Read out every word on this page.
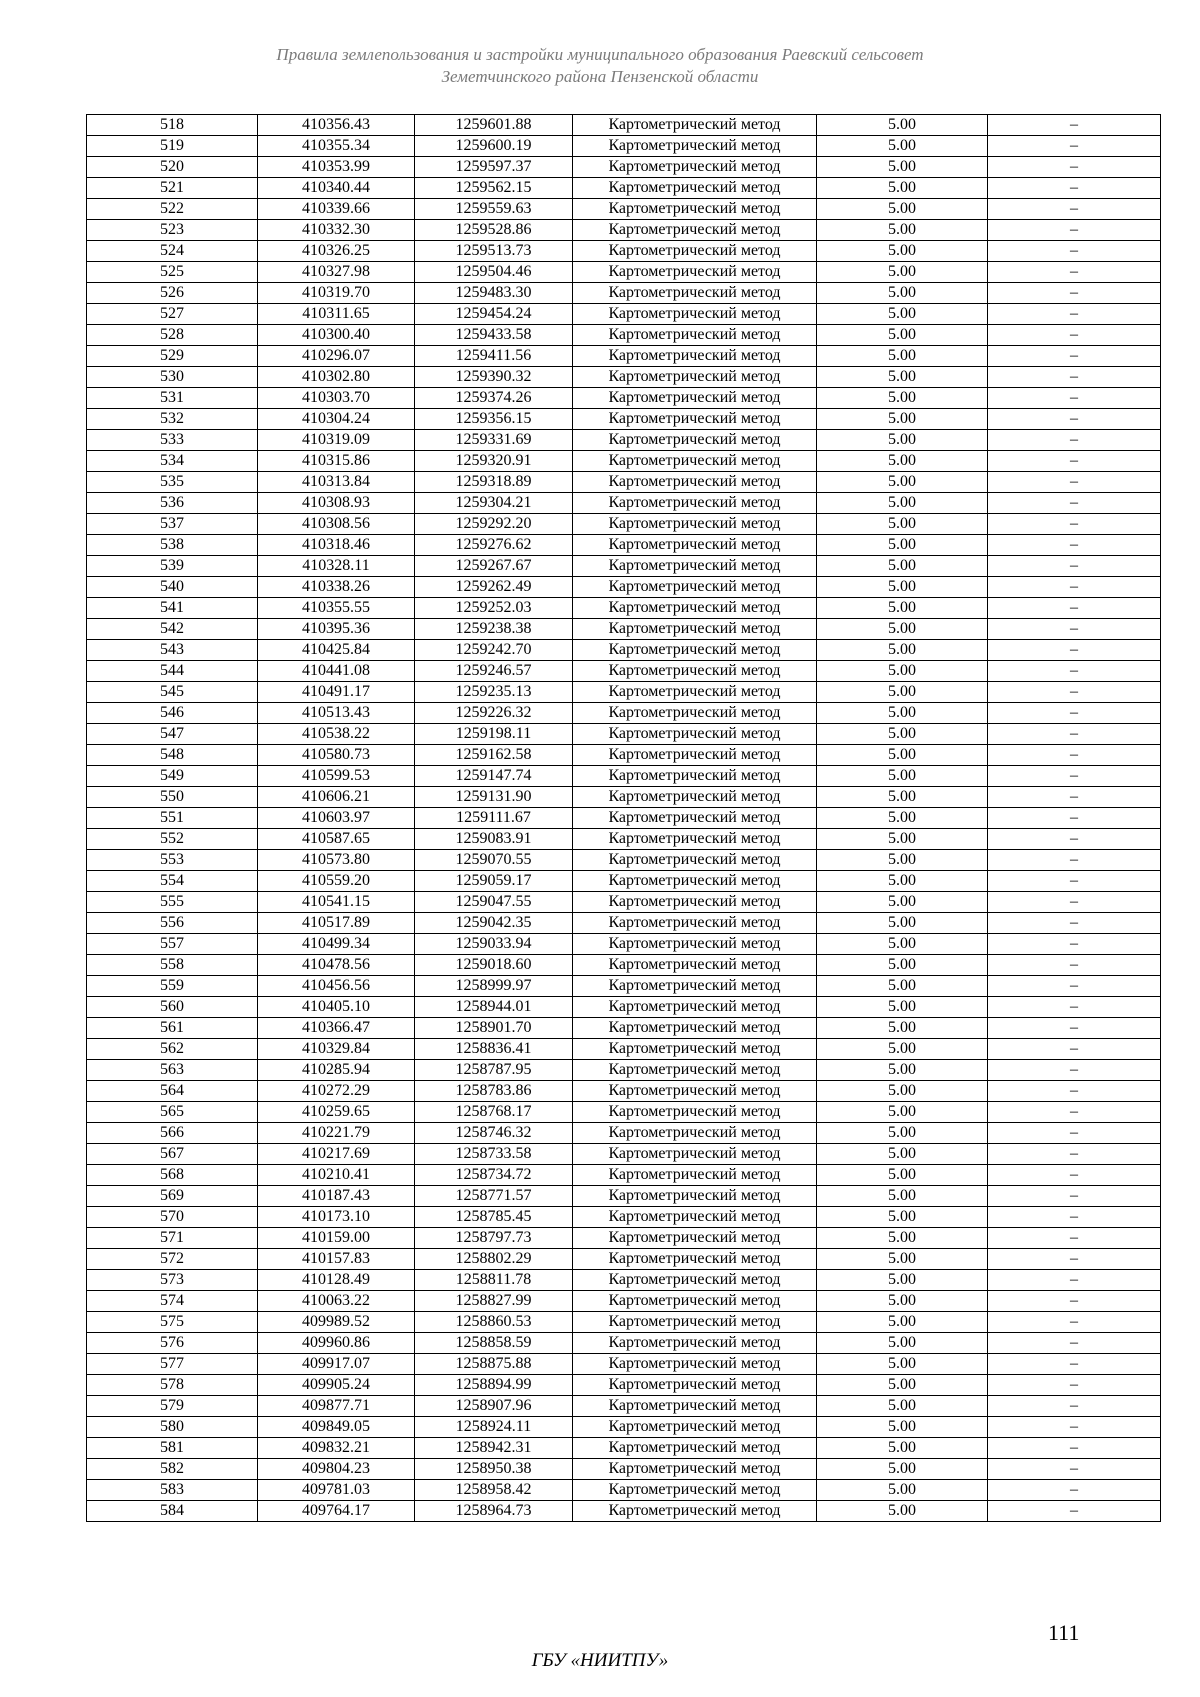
Правила землепользования и застройки муниципального образования Раевский сельсовет
Земетчинского района Пензенской области
518	410356.43	1259601.88	Картометрический метод	5.00	–
519	410355.34	1259600.19	Картометрический метод	5.00	–
520	410353.99	1259597.37	Картометрический метод	5.00	–
521	410340.44	1259562.15	Картометрический метод	5.00	–
522	410339.66	1259559.63	Картометрический метод	5.00	–
523	410332.30	1259528.86	Картометрический метод	5.00	–
524	410326.25	1259513.73	Картометрический метод	5.00	–
525	410327.98	1259504.46	Картометрический метод	5.00	–
526	410319.70	1259483.30	Картометрический метод	5.00	–
527	410311.65	1259454.24	Картометрический метод	5.00	–
528	410300.40	1259433.58	Картометрический метод	5.00	–
529	410296.07	1259411.56	Картометрический метод	5.00	–
530	410302.80	1259390.32	Картометрический метод	5.00	–
531	410303.70	1259374.26	Картометрический метод	5.00	–
532	410304.24	1259356.15	Картометрический метод	5.00	–
533	410319.09	1259331.69	Картометрический метод	5.00	–
534	410315.86	1259320.91	Картометрический метод	5.00	–
535	410313.84	1259318.89	Картометрический метод	5.00	–
536	410308.93	1259304.21	Картометрический метод	5.00	–
537	410308.56	1259292.20	Картометрический метод	5.00	–
538	410318.46	1259276.62	Картометрический метод	5.00	–
539	410328.11	1259267.67	Картометрический метод	5.00	–
540	410338.26	1259262.49	Картометрический метод	5.00	–
541	410355.55	1259252.03	Картометрический метод	5.00	–
542	410395.36	1259238.38	Картометрический метод	5.00	–
543	410425.84	1259242.70	Картометрический метод	5.00	–
544	410441.08	1259246.57	Картометрический метод	5.00	–
545	410491.17	1259235.13	Картометрический метод	5.00	–
546	410513.43	1259226.32	Картометрический метод	5.00	–
547	410538.22	1259198.11	Картометрический метод	5.00	–
548	410580.73	1259162.58	Картометрический метод	5.00	–
549	410599.53	1259147.74	Картометрический метод	5.00	–
550	410606.21	1259131.90	Картометрический метод	5.00	–
551	410603.97	1259111.67	Картометрический метод	5.00	–
552	410587.65	1259083.91	Картометрический метод	5.00	–
553	410573.80	1259070.55	Картометрический метод	5.00	–
554	410559.20	1259059.17	Картометрический метод	5.00	–
555	410541.15	1259047.55	Картометрический метод	5.00	–
556	410517.89	1259042.35	Картометрический метод	5.00	–
557	410499.34	1259033.94	Картометрический метод	5.00	–
558	410478.56	1259018.60	Картометрический метод	5.00	–
559	410456.56	1258999.97	Картометрический метод	5.00	–
560	410405.10	1258944.01	Картометрический метод	5.00	–
561	410366.47	1258901.70	Картометрический метод	5.00	–
562	410329.84	1258836.41	Картометрический метод	5.00	–
563	410285.94	1258787.95	Картометрический метод	5.00	–
564	410272.29	1258783.86	Картометрический метод	5.00	–
565	410259.65	1258768.17	Картометрический метод	5.00	–
566	410221.79	1258746.32	Картометрический метод	5.00	–
567	410217.69	1258733.58	Картометрический метод	5.00	–
568	410210.41	1258734.72	Картометрический метод	5.00	–
569	410187.43	1258771.57	Картометрический метод	5.00	–
570	410173.10	1258785.45	Картометрический метод	5.00	–
571	410159.00	1258797.73	Картометрический метод	5.00	–
572	410157.83	1258802.29	Картометрический метод	5.00	–
573	410128.49	1258811.78	Картометрический метод	5.00	–
574	410063.22	1258827.99	Картометрический метод	5.00	–
575	409989.52	1258860.53	Картометрический метод	5.00	–
576	409960.86	1258858.59	Картометрический метод	5.00	–
577	409917.07	1258875.88	Картометрический метод	5.00	–
578	409905.24	1258894.99	Картометрический метод	5.00	–
579	409877.71	1258907.96	Картометрический метод	5.00	–
580	409849.05	1258924.11	Картометрический метод	5.00	–
581	409832.21	1258942.31	Картометрический метод	5.00	–
582	409804.23	1258950.38	Картометрический метод	5.00	–
583	409781.03	1258958.42	Картометрический метод	5.00	–
584	409764.17	1258964.73	Картометрический метод	5.00	–
111
ГБУ «НИИТПУ»
